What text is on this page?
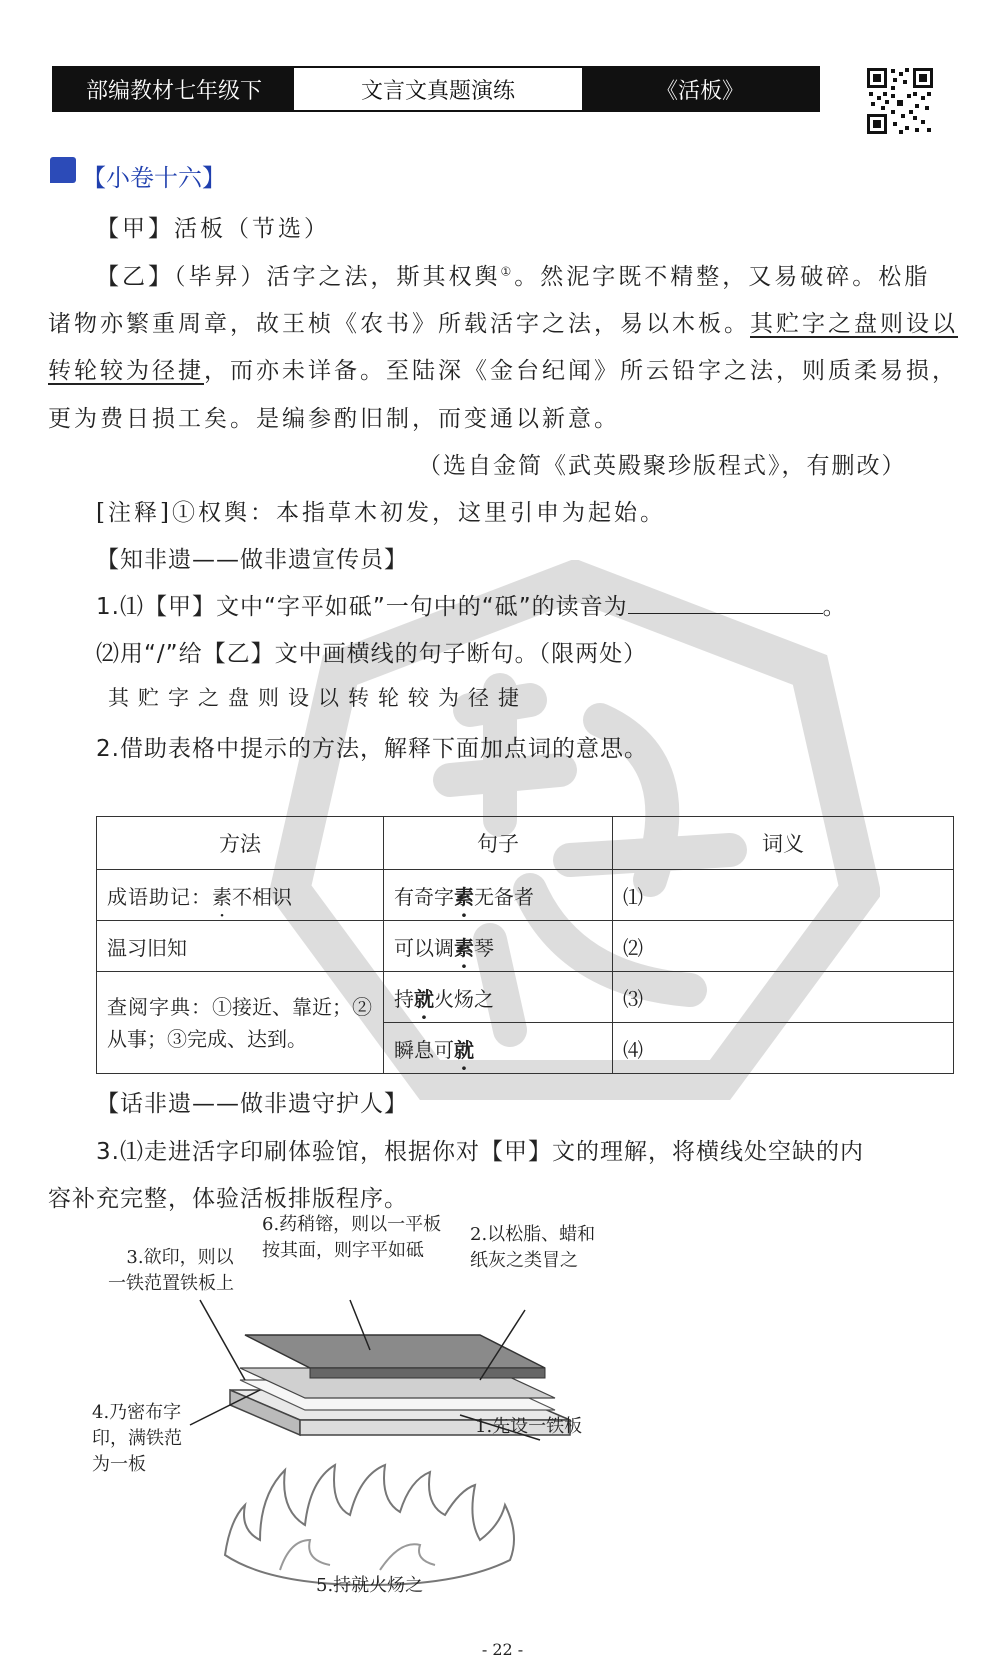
部编教材七年级下	文言文真题演练	《活板》
【小卷十六】
【甲】活板（节选）
【乙】（毕昇）活字之法，斯其权舆①。然泥字既不精整，又易破碎。松脂
诸物亦繁重周章，故王桢《农书》所载活字之法，易以木板。其贮字之盘则设以
转轮较为径捷，而亦未详备。至陆深《金台纪闻》所云铅字之法，则质柔易损，
更为费日损工矣。是编参酌旧制，而变通以新意。
（选自金简《武英殿聚珍版程式》，有删改）
[注释]①权舆：本指草木初发，这里引申为起始。
【知非遗——做非遗宣传员】
1.⑴【甲】文中“字平如砥”一句中的“砥”的读音为	。
⑵用“/”给【乙】文中画横线的句子断句。（限两处）
其贮字之盘则设以转轮较为径捷
2.借助表格中提示的方法，解释下面加点词的意思。
方法	句子	词义
成语助记：素不相识	有奇字素无备者	⑴
温习旧知	可以调素琴	⑵
查阅字典：①接近、靠近；②
从事；③完成、达到。	持就火炀之	⑶
	瞬息可就	⑷
【话非遗——做非遗守护人】
3.⑴走进活字印刷体验馆，根据你对【甲】文的理解，将横线处空缺的内
容补充完整，体验活板排版程序。
6.药稍镕，则以一平板
按其面，则字平如砥
2.以松脂、蜡和
纸灰之类冒之
3.欲印，则以
一铁范置铁板上
4.乃密布字
印，满铁范
为一板
1.先设一铁板
5.持就火炀之
- 22 -
